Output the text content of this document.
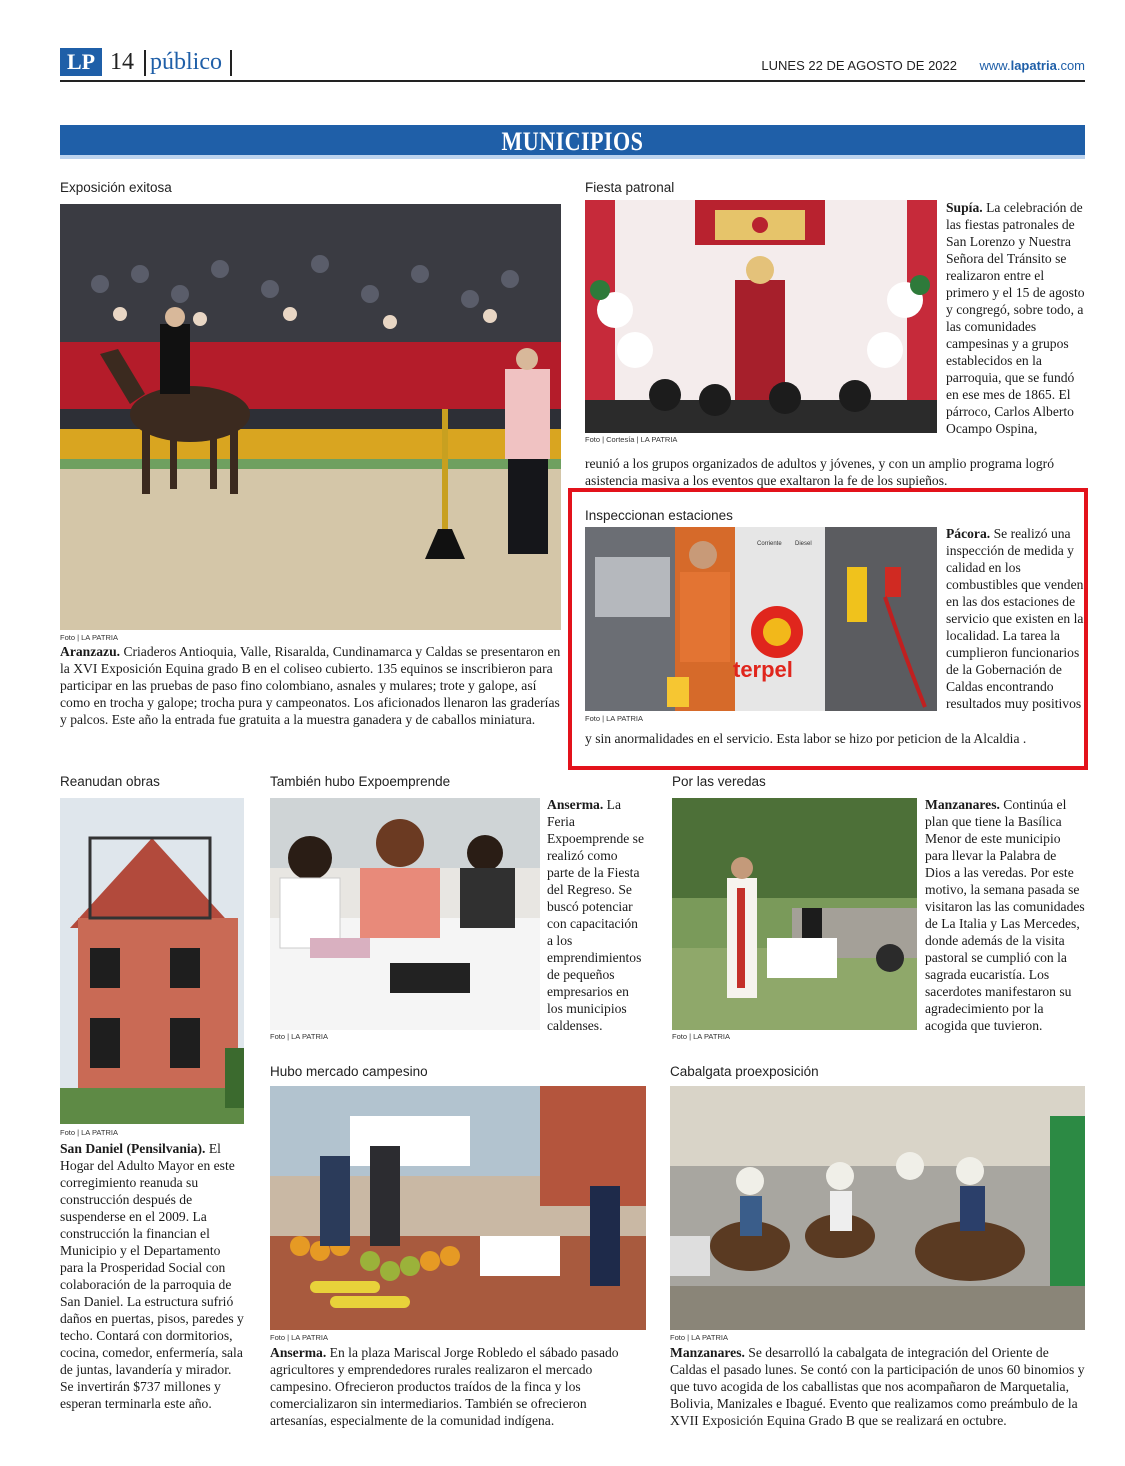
LP 14 público	LUNES 22 DE AGOSTO DE 2022 www.lapatria.com
MUNICIPIOS
Exposición exitosa
Foto | LA PATRIA
Aranzazu. Criaderos Antioquia, Valle, Risaralda, Cundinamarca y Caldas se presentaron en la XVI Exposición Equina grado B en el coliseo cubierto. 135 equinos se inscribieron para participar en las pruebas de paso fino colombiano, asnales y mulares; trote y galope, así como en trocha y galope; trocha pura y campeonatos. Los aficionados llenaron las graderías y palcos. Este año la entrada fue gratuita a la muestra ganadera y de caballos miniatura.
Fiesta patronal
Foto | Cortesía | LA PATRIA
Supía. La celebración de las fiestas patronales de San Lorenzo y Nuestra Señora del Tránsito se realizaron entre el primero y el 15 de agosto y congregó, sobre todo, a las comunidades campesinas y a grupos establecidos en la parroquia, que se fundó en ese mes de 1865. El párroco, Carlos Alberto Ocampo Ospina,
reunió a los grupos organizados de adultos y jóvenes, y con un amplio programa logró asistencia masiva a los eventos que exaltaron la fe de los supieños.
Inspeccionan estaciones
terpel
Corriente Diesel
Foto | LA PATRIA
Pácora. Se realizó una inspección de medida y calidad en los combustibles que venden en las dos estaciones de servicio que existen en la localidad. La tarea la cumplieron funcionarios de la Gobernación de Caldas encontrando resultados muy positivos
y sin anormalidades en el servicio. Esta labor se hizo por peticion de la Alcaldia .
Reanudan obras
Foto | LA PATRIA
San Daniel (Pensilvania). El Hogar del Adulto Mayor en este corregimiento reanuda su construcción después de suspenderse en el 2009. La construcción la financian el Municipio y el Departamento para la Prosperidad Social con colaboración de la parroquia de San Daniel. La estructura sufrió daños en puertas, pisos, paredes y techo. Contará con dormitorios, cocina, comedor, enfermería, sala de juntas, lavandería y mirador. Se invertirán $737 millones y esperan terminarla este año.
También hubo Expoemprende
Foto | LA PATRIA
Anserma. La Feria Expoemprende se realizó como parte de la Fiesta del Regreso. Se buscó potenciar con capacitación a los emprendimientos de pequeños empresarios en los municipios caldenses.
Por las veredas
Foto | LA PATRIA
Manzanares. Continúa el plan que tiene la Basílica Menor de este municipio para llevar la Palabra de Dios a las veredas. Por este motivo, la semana pasada se visitaron las las comunidades de La Italia y Las Mercedes, donde además de la visita pastoral se cumplió con la sagrada eucaristía. Los sacerdotes manifestaron su agradecimiento por la acogida que tuvieron.
Hubo mercado campesino
Foto | LA PATRIA
Anserma. En la plaza Mariscal Jorge Robledo el sábado pasado agricultores y emprendedores rurales realizaron el mercado campesino. Ofrecieron productos traídos de la finca y los comercializaron sin intermediarios. También se ofrecieron artesanías, especialmente de la comunidad indígena.
Cabalgata proexposición
Foto | LA PATRIA
Manzanares. Se desarrolló la cabalgata de integración del Oriente de Caldas el pasado lunes. Se contó con la participación de unos 60 binomios y que tuvo acogida de los caballistas que nos acompañaron de Marquetalia, Bolivia, Manizales e Ibagué. Evento que realizamos como preámbulo de la XVII Exposición Equina Grado B que se realizará en octubre.
